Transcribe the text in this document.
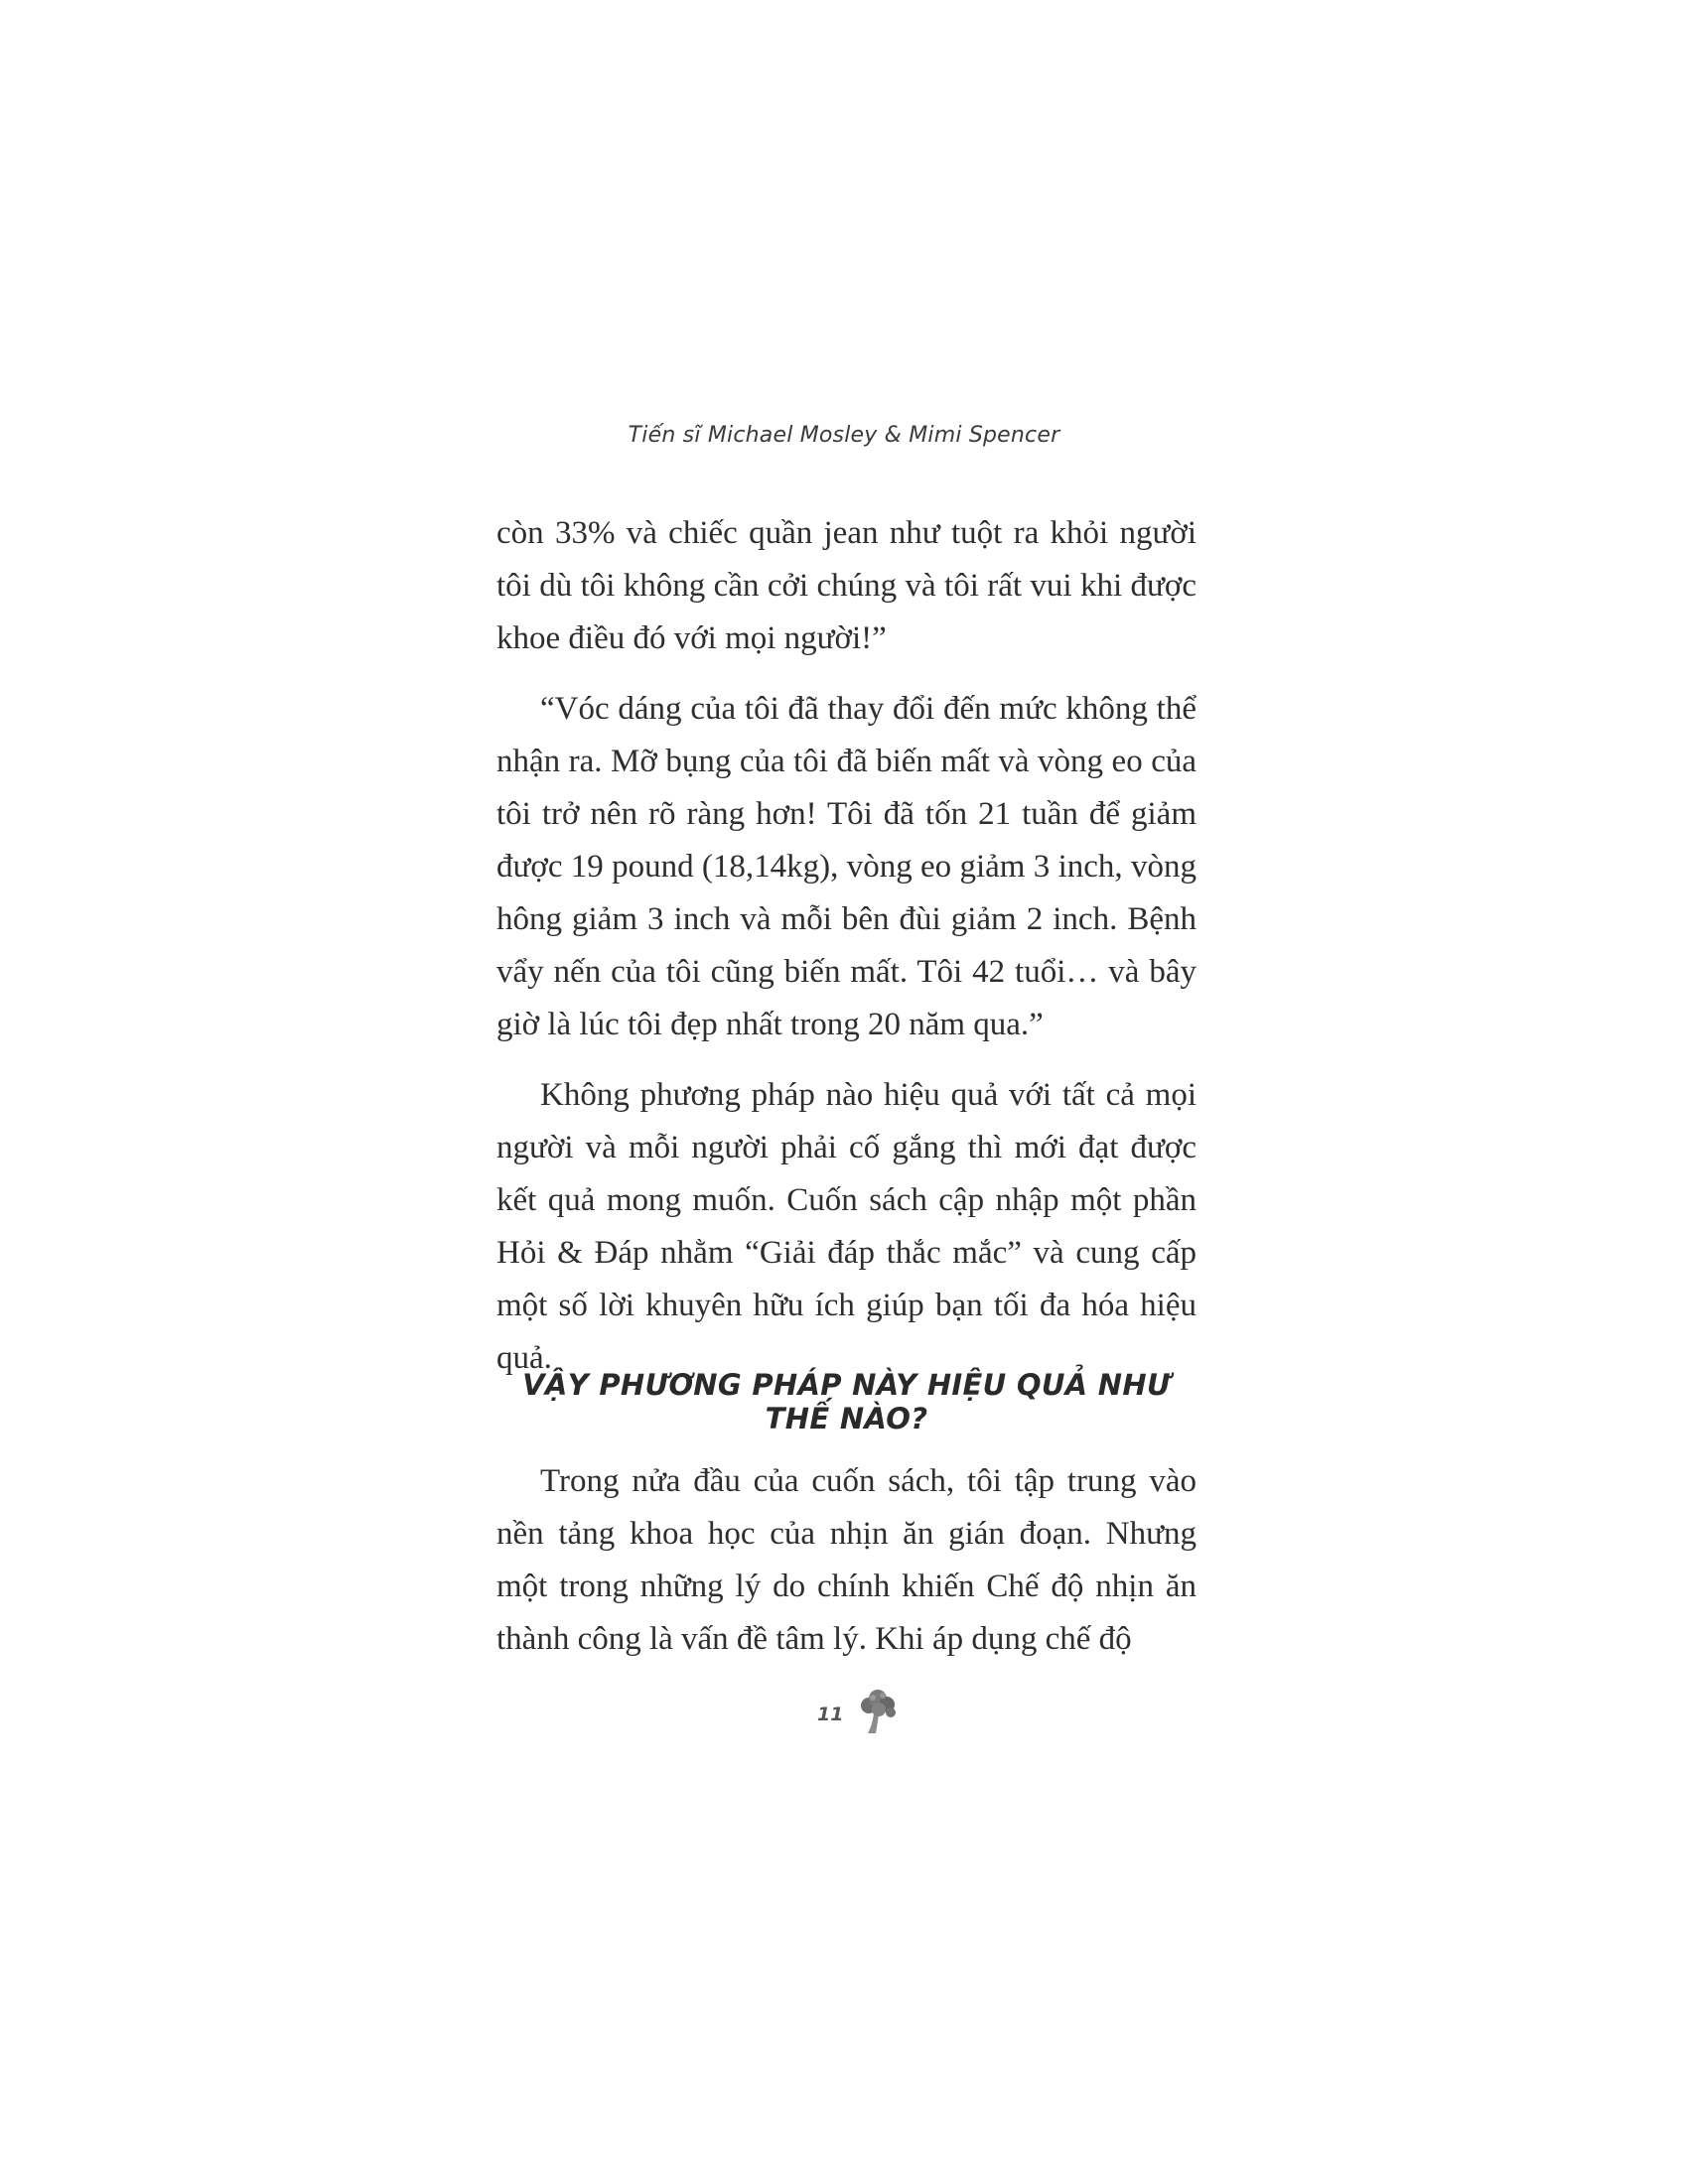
Tiến sĩ Michael Mosley & Mimi Spencer

còn 33% và chiếc quần jean như tuột ra khỏi người tôi dù tôi không cần cởi chúng và tôi rất vui khi được khoe điều đó với mọi người!”

“Vóc dáng của tôi đã thay đổi đến mức không thể nhận ra. Mỡ bụng của tôi đã biến mất và vòng eo của tôi trở nên rõ ràng hơn! Tôi đã tốn 21 tuần để giảm được 19 pound (18,14kg), vòng eo giảm 3 inch, vòng hông giảm 3 inch và mỗi bên đùi giảm 2 inch. Bệnh vẩy nến của tôi cũng biến mất. Tôi 42 tuổi… và bây giờ là lúc tôi đẹp nhất trong 20 năm qua.”

Không phương pháp nào hiệu quả với tất cả mọi người và mỗi người phải cố gắng thì mới đạt được kết quả mong muốn. Cuốn sách cập nhập một phần Hỏi & Đáp nhằm “Giải đáp thắc mắc” và cung cấp một số lời khuyên hữu ích giúp bạn tối đa hóa hiệu quả.

VẬY PHƯƠNG PHÁP NÀY HIỆU QUẢ NHƯ THẾ NÀO?

Trong nửa đầu của cuốn sách, tôi tập trung vào nền tảng khoa học của nhịn ăn gián đoạn. Nhưng một trong những lý do chính khiến Chế độ nhịn ăn thành công là vấn đề tâm lý. Khi áp dụng chế độ

11
